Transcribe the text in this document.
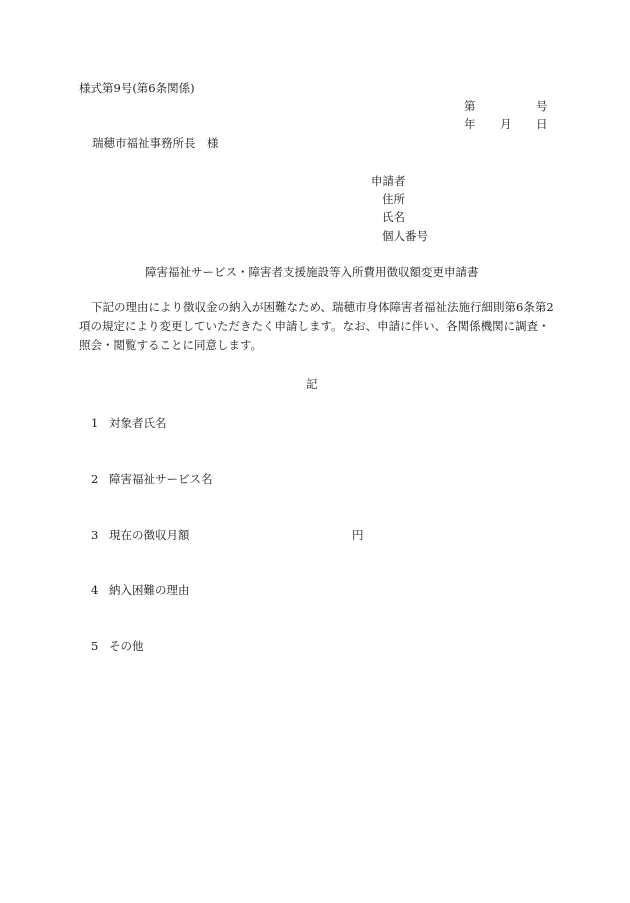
様式第9号(第6条関係)
第	号
年 月 日
瑞穂市福祉事務所長　様
申請者
住所
氏名
個人番号
障害福祉サービス・障害者支援施設等入所費用徴収額変更申請書
下記の理由により徴収金の納入が困難なため、瑞穂市身体障害者福祉法施行細則第6条第2項の規定により変更していただきたく申請します。なお、申請に伴い、各関係機関に調査・照会・閲覧することに同意します。
記
1 対象者氏名
2 障害福祉サービス名
3 現在の徴収月額	円
4 納入困難の理由
5 その他
